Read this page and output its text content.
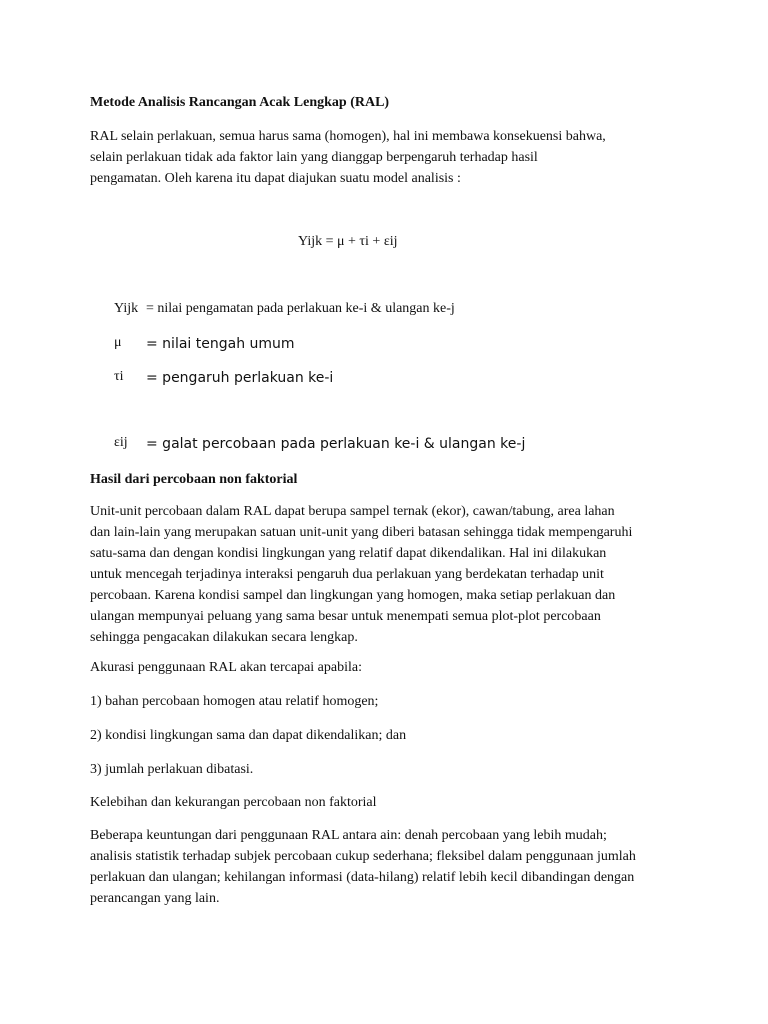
Metode Analisis Rancangan Acak Lengkap (RAL)

RAL selain perlakuan, semua harus sama (homogen), hal ini membawa konsekuensi bahwa,
selain perlakuan tidak ada faktor lain yang dianggap berpengaruh terhadap hasil
pengamatan. Oleh karena itu dapat diajukan suatu model analisis :
Yijk = μ + τi + εij
Yijk = nilai pengamatan pada perlakuan ke-i & ulangan ke-j
μ = nilai tengah umum
τi = pengaruh perlakuan ke-i
εij = galat percobaan pada perlakuan ke-i & ulangan ke-j

Hasil dari percobaan non faktorial

Unit-unit percobaan dalam RAL dapat berupa sampel ternak (ekor), cawan/tabung, area lahan
dan lain-lain yang merupakan satuan unit-unit yang diberi batasan sehingga tidak mempengaruhi
satu-sama dan dengan kondisi lingkungan yang relatif dapat dikendalikan. Hal ini dilakukan
untuk mencegah terjadinya interaksi pengaruh dua perlakuan yang berdekatan terhadap unit
percobaan. Karena kondisi sampel dan lingkungan yang homogen, maka setiap perlakuan dan
ulangan mempunyai peluang yang sama besar untuk menempati semua plot-plot percobaan
sehingga pengacakan dilakukan secara lengkap.

Akurasi penggunaan RAL akan tercapai apabila:

1) bahan percobaan homogen atau relatif homogen;

2) kondisi lingkungan sama dan dapat dikendalikan; dan

3) jumlah perlakuan dibatasi.

Kelebihan dan kekurangan percobaan non faktorial

Beberapa keuntungan dari penggunaan RAL antara ain: denah percobaan yang lebih mudah;
analisis statistik terhadap subjek percobaan cukup sederhana; fleksibel dalam penggunaan jumlah
perlakuan dan ulangan; kehilangan informasi (data-hilang) relatif lebih kecil dibandingan dengan
perancangan yang lain.
